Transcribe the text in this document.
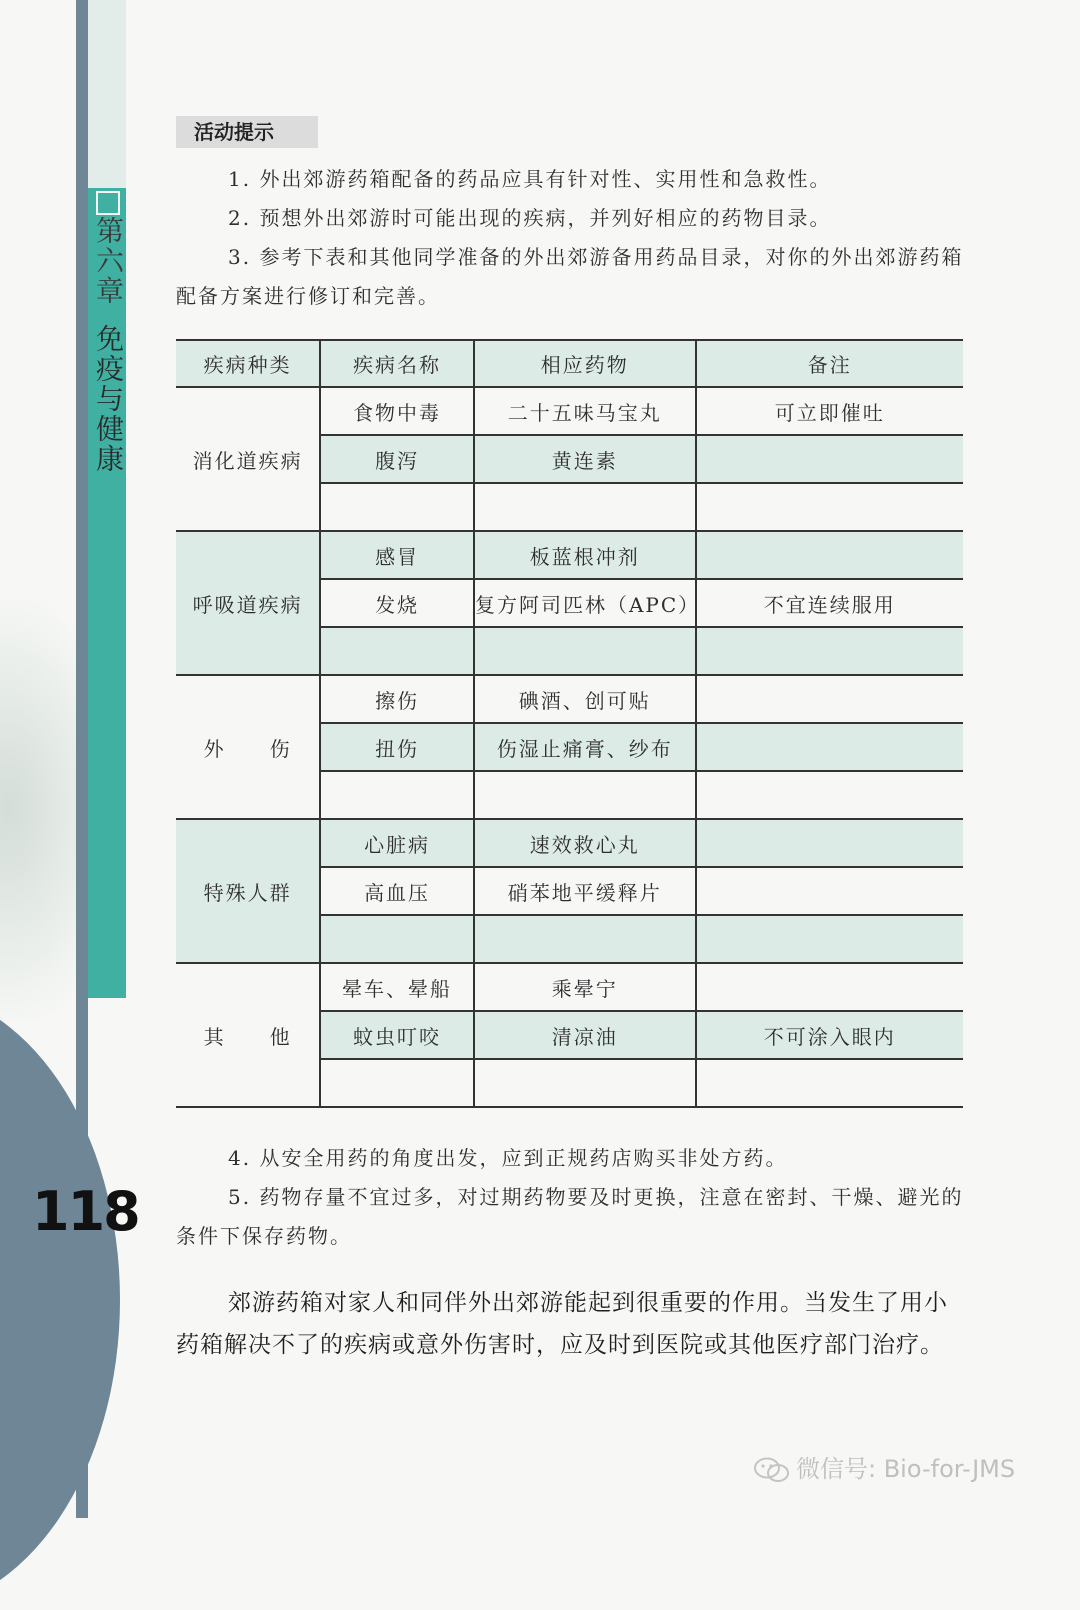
第六章免疫与健康
118
活动提示
1. 外出郊游药箱配备的药品应具有针对性、实用性和急救性。
2. 预想外出郊游时可能出现的疾病，并列好相应的药物目录。
3. 参考下表和其他同学准备的外出郊游备用药品目录，对你的外出郊游药箱配备方案进行修订和完善。
疾病种类	疾病名称	相应药物	备注
消化道疾病	食物中毒	二十五味马宝丸	可立即催吐
	腹泻	黄连素	

呼吸道疾病	感冒	板蓝根冲剂	
	发烧	复方阿司匹林（APC）	不宜连续服用

外　　伤	擦伤	碘酒、创可贴	
	扭伤	伤湿止痛膏、纱布	

特殊人群	心脏病	速效救心丸	
	高血压	硝苯地平缓释片	

其　　他	晕车、晕船	乘晕宁	
	蚊虫叮咬	清凉油	不可涂入眼内

4. 从安全用药的角度出发，应到正规药店购买非处方药。
5. 药物存量不宜过多，对过期药物要及时更换，注意在密封、干燥、避光的条件下保存药物。
郊游药箱对家人和同伴外出郊游能起到很重要的作用。当发生了用小药箱解决不了的疾病或意外伤害时，应及时到医院或其他医疗部门治疗。
微信号: Bio-for-JMS
